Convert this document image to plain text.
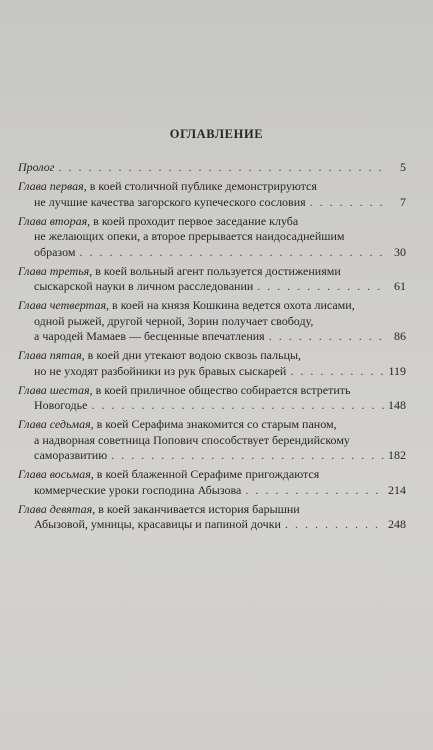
ОГЛАВЛЕНИЕ
Пролог . . .	5
Глава первая, в коей столичной публике демонстрируются
не лучшие качества загорского купеческого сословия . . .	7
Глава вторая, в коей проходит первое заседание клуба
не желающих опеки, а второе прерывается наидосаднейшим
образом . . .	30
Глава третья, в коей вольный агент пользуется достижениями
сыскарской науки в личном расследовании . . .	61
Глава четвертая, в коей на князя Кошкина ведется охота лисами,
одной рыжей, другой черной, Зорин получает свободу,
а чародей Мамаев — бесценные впечатления . . .	86
Глава пятая, в коей дни утекают водою сквозь пальцы,
но не уходят разбойники из рук бравых сыскарей . . .	119
Глава шестая, в коей приличное общество собирается встретить
Новогодье . . .	148
Глава седьмая, в коей Серафима знакомится со старым паном,
а надворная советница Попович способствует берендийскому
саморазвитию . . .	182
Глава восьмая, в коей блаженной Серафиме пригождаются
коммерческие уроки господина Абызова . . .	214
Глава девятая, в коей заканчивается история барышни
Абызовой, умницы, красавицы и папиной дочки . . .	248
